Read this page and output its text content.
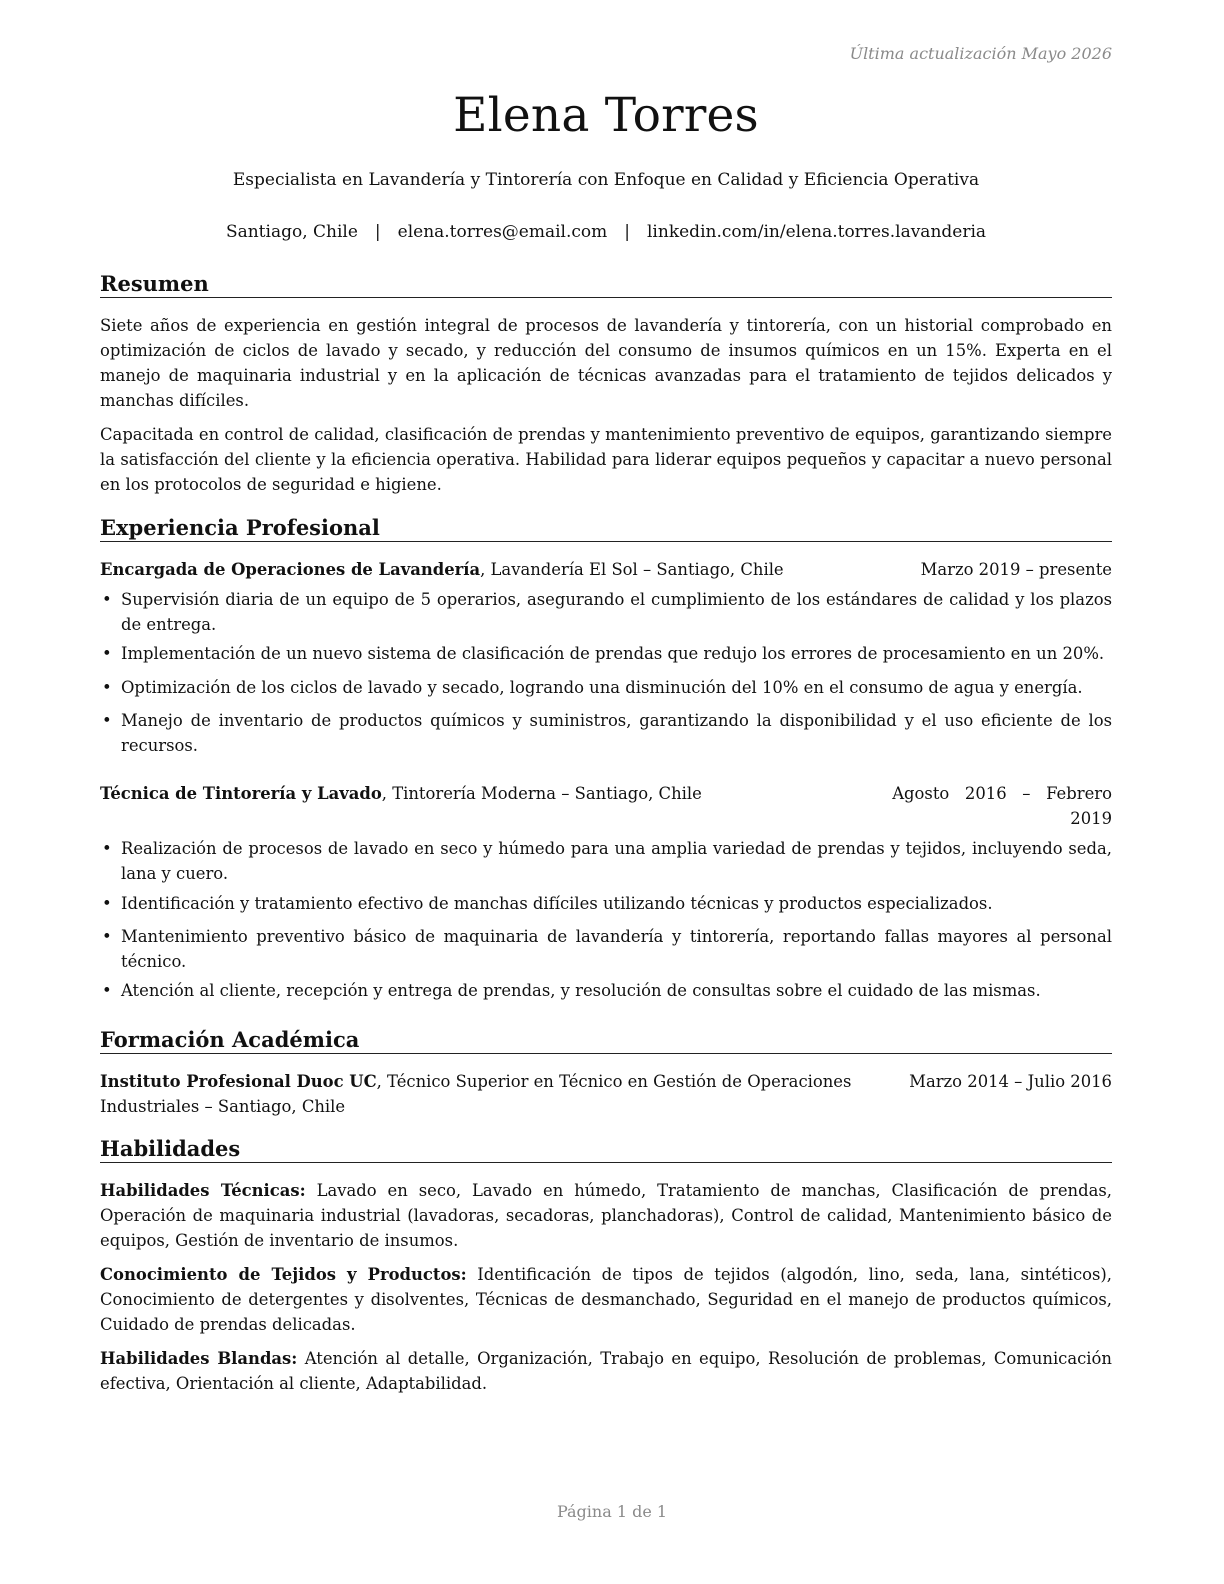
Última actualización Mayo 2026
Elena Torres
Especialista en Lavandería y Tintorería con Enfoque en Calidad y Eficiencia Operativa
Santiago, Chile | elena.torres@email.com | linkedin.com/in/elena.torres.lavanderia
Resumen

Siete años de experiencia en gestión integral de procesos de lavandería y tintorería, con un historial comprobado en optimización de ciclos de lavado y secado, y reducción del consumo de insumos químicos en un 15%. Experta en el manejo de maquinaria industrial y en la aplicación de técnicas avanzadas para el tratamiento de tejidos delicados y manchas difíciles.

Capacitada en control de calidad, clasificación de prendas y mantenimiento preventivo de equipos, garantizando siempre la satisfacción del cliente y la eficiencia operativa. Habilidad para liderar equipos pequeños y capacitar a nuevo personal en los protocolos de seguridad e higiene.

Experiencia Profesional
Encargada de Operaciones de Lavandería, Lavandería El Sol – Santiago, Chile	Marzo 2019 – presente
• Supervisión diaria de un equipo de 5 operarios, asegurando el cumplimiento de los estándares de calidad y los plazos de entrega.
• Implementación de un nuevo sistema de clasificación de prendas que redujo los errores de procesamiento en un 20%.
• Optimización de los ciclos de lavado y secado, logrando una disminución del 10% en el consumo de agua y energía.
• Manejo de inventario de productos químicos y suministros, garantizando la disponibilidad y el uso eficiente de los recursos.
Técnica de Tintorería y Lavado, Tintorería Moderna – Santiago, Chile	Agosto   2016   –   Febrero
2019
• Realización de procesos de lavado en seco y húmedo para una amplia variedad de prendas y tejidos, incluyendo seda, lana y cuero.
• Identificación y tratamiento efectivo de manchas difíciles utilizando técnicas y productos especializados.
• Mantenimiento preventivo básico de maquinaria de lavandería y tintorería, reportando fallas mayores al personal técnico.
• Atención al cliente, recepción y entrega de prendas, y resolución de consultas sobre el cuidado de las mismas.
Formación Académica
Instituto Profesional Duoc UC, Técnico Superior en Técnico en Gestión de Operaciones
Industriales – Santiago, Chile
Marzo 2014 – Julio 2016
Habilidades

Habilidades Técnicas: Lavado en seco, Lavado en húmedo, Tratamiento de manchas, Clasificación de prendas, Operación de maquinaria industrial (lavadoras, secadoras, planchadoras), Control de calidad, Mantenimiento básico de equipos, Gestión de inventario de insumos.

Conocimiento de Tejidos y Productos: Identificación de tipos de tejidos (algodón, lino, seda, lana, sintéticos), Conocimiento de detergentes y disolventes, Técnicas de desmanchado, Seguridad en el manejo de productos químicos, Cuidado de prendas delicadas.

Habilidades Blandas: Atención al detalle, Organización, Trabajo en equipo, Resolución de problemas, Comunicación efectiva, Orientación al cliente, Adaptabilidad.

Página 1 de 1
